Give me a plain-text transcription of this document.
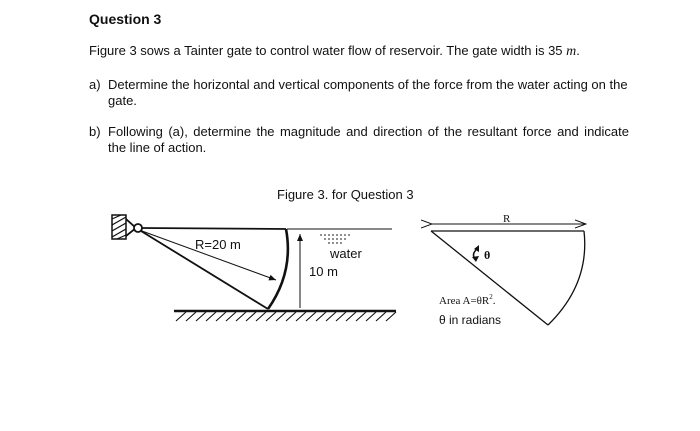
Question 3
Figure 3 sows a Tainter gate to control water flow of reservoir. The gate width is 35 m.
a) Determine the horizontal and vertical components of the force from the water acting on the gate.
b) Following (a), determine the magnitude and direction of the resultant force and indicate the line of action.
Figure 3. for Question 3
R=20 m
water
10 m
R
θ
Area $A=\theta R^2$.
θ in radians
